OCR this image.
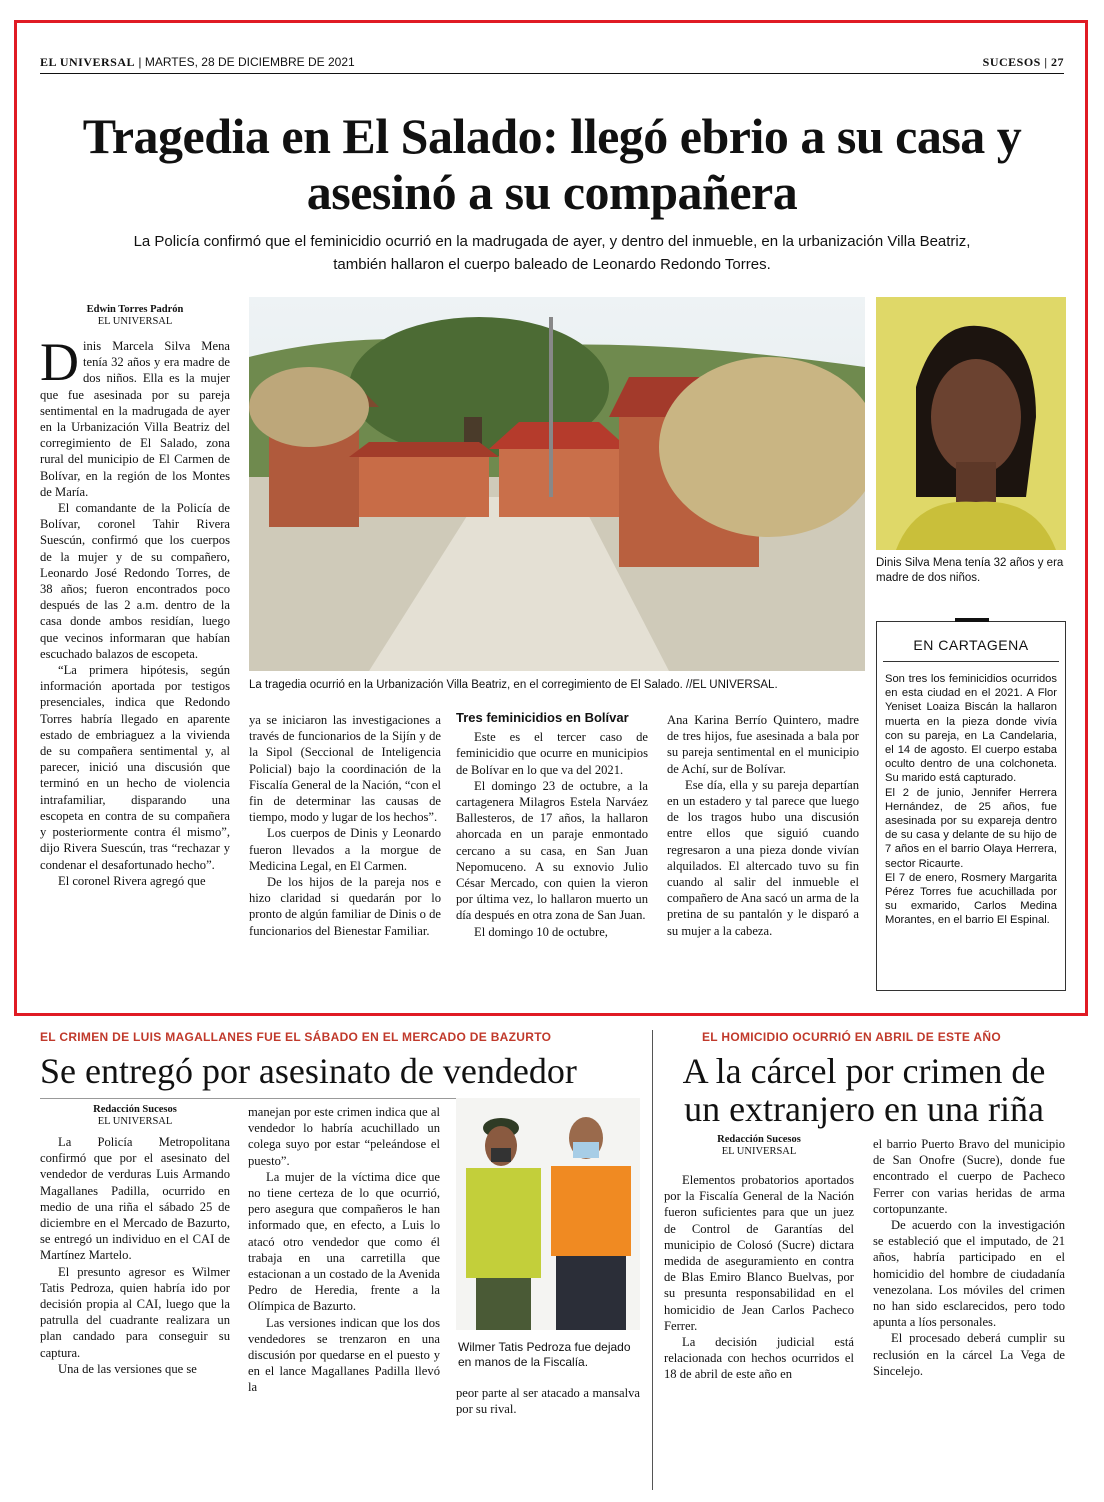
EL UNIVERSAL | MARTES, 28 DE DICIEMBRE DE 2021	SUCESOS | 27
Tragedia en El Salado: llegó ebrio a su casa y asesinó a su compañera
La Policía confirmó que el feminicidio ocurrió en la madrugada de ayer, y dentro del inmueble, en la urbanización Villa Beatriz, también hallaron el cuerpo baleado de Leonardo Redondo Torres.
Edwin Torres Padrón
EL UNIVERSAL

Dinis Marcela Silva Mena tenía 32 años y era madre de dos niños. Ella es la mujer que fue asesinada por su pareja sentimental en la madrugada de ayer en la Urbanización Villa Beatriz del corregimiento de El Salado, zona rural del municipio de El Carmen de Bolívar, en la región de los Montes de María.

El comandante de la Policía de Bolívar, coronel Tahir Rivera Suescún, confirmó que los cuerpos de la mujer y de su compañero, Leonardo José Redondo Torres, de 38 años; fueron encontrados poco después de las 2 a.m. dentro de la casa donde ambos residían, luego que vecinos informaran que habían escuchado balazos de escopeta.

“La primera hipótesis, según información aportada por testigos presenciales, indica que Redondo Torres habría llegado en aparente estado de embriaguez a la vivienda de su compañera sentimental y, al parecer, inició una discusión que terminó en un hecho de violencia intrafamiliar, disparando una escopeta en contra de su compañera y posteriormente contra él mismo”, dijo Rivera Suescún, tras “rechazar y condenar el desafortunado hecho”.

El coronel Rivera agregó que

La tragedia ocurrió en la Urbanización Villa Beatriz, en el corregimiento de El Salado. //EL UNIVERSAL.
Dinis Silva Mena tenía 32 años y era madre de dos niños.

ya se iniciaron las investigaciones a través de funcionarios de la Sijín y de la Sipol (Seccional de Inteligencia Policial) bajo la coordinación de la Fiscalía General de la Nación, “con el fin de determinar las causas de tiempo, modo y lugar de los hechos”.

Los cuerpos de Dinis y Leonardo fueron llevados a la morgue de Medicina Legal, en El Carmen.

De los hijos de la pareja nos e hizo claridad si quedarán por lo pronto de algún familiar de Dinis o de funcionarios del Bienestar Familiar.

Tres feminicidios en Bolívar

Este es el tercer caso de feminicidio que ocurre en municipios de Bolívar en lo que va del 2021.

El domingo 23 de octubre, a la cartagenera Milagros Estela Narváez Ballesteros, de 17 años, la hallaron ahorcada en un paraje enmontado cercano a su casa, en San Juan Nepomuceno. A su exnovio Julio César Mercado, con quien la vieron por última vez, lo hallaron muerto un día después en otra zona de San Juan.

El domingo 10 de octubre,

Ana Karina Berrío Quintero, madre de tres hijos, fue asesinada a bala por su pareja sentimental en el municipio de Achí, sur de Bolívar.

Ese día, ella y su pareja departían en un estadero y tal parece que luego de los tragos hubo una discusión entre ellos que siguió cuando regresaron a una pieza donde vivían alquilados. El altercado tuvo su fin cuando al salir del inmueble el compañero de Ana sacó un arma de la pretina de su pantalón y le disparó a su mujer a la cabeza.

EN CARTAGENA

Son tres los feminicidios ocurridos en esta ciudad en el 2021. A Flor Yeniset Loaiza Biscán la hallaron muerta en la pieza donde vivía con su pareja, en La Candelaria, el 14 de agosto. El cuerpo estaba oculto dentro de una colchoneta. Su marido está capturado.

El 2 de junio, Jennifer Herrera Hernández, de 25 años, fue asesinada por su expareja dentro de su casa y delante de su hijo de 7 años en el barrio Olaya Herrera, sector Ricaurte.

El 7 de enero, Rosmery Margarita Pérez Torres fue acuchillada por su exmarido, Carlos Medina Morantes, en el barrio El Espinal.

EL CRIMEN DE LUIS MAGALLANES FUE EL SÁBADO EN EL MERCADO DE BAZURTO
Se entregó por asesinato de vendedor
Redacción Sucesos
EL UNIVERSAL

La Policía Metropolitana confirmó que por el asesinato del vendedor de verduras Luis Armando Magallanes Padilla, ocurrido en medio de una riña el sábado 25 de diciembre en el Mercado de Bazurto, se entregó un individuo en el CAI de Martínez Martelo.

El presunto agresor es Wilmer Tatis Pedroza, quien habría ido por decisión propia al CAI, luego que la patrulla del cuadrante realizara un plan candado para conseguir su captura.

Una de las versiones que se

manejan por este crimen indica que al vendedor lo habría acuchillado un colega suyo por estar “peleándose el puesto”.

La mujer de la víctima dice que no tiene certeza de lo que ocurrió, pero asegura que compañeros le han informado que, en efecto, a Luis lo atacó otro vendedor que como él trabaja en una carretilla que estacionan a un costado de la Avenida Pedro de Heredia, frente a la Olímpica de Bazurto.

Las versiones indican que los dos vendedores se trenzaron en una discusión por quedarse en el puesto y en el lance Magallanes Padilla llevó la

Wilmer Tatis Pedroza fue dejado en manos de la Fiscalía.

peor parte al ser atacado a mansalva por su rival.

EL HOMICIDIO OCURRIÓ EN ABRIL DE ESTE AÑO
A la cárcel por crimen de un extranjero en una riña
Redacción Sucesos
EL UNIVERSAL

Elementos probatorios aportados por la Fiscalía General de la Nación fueron suficientes para que un juez de Control de Garantías del municipio de Colosó (Sucre) dictara medida de aseguramiento en contra de Blas Emiro Blanco Buelvas, por su presunta responsabilidad en el homicidio de Jean Carlos Pacheco Ferrer.

La decisión judicial está relacionada con hechos ocurridos el 18 de abril de este año en

el barrio Puerto Bravo del municipio de San Onofre (Sucre), donde fue encontrado el cuerpo de Pacheco Ferrer con varias heridas de arma cortopunzante.

De acuerdo con la investigación se estableció que el imputado, de 21 años, habría participado en el homicidio del hombre de ciudadanía venezolana. Los móviles del crimen no han sido esclarecidos, pero todo apunta a líos personales.

El procesado deberá cumplir su reclusión en la cárcel La Vega de Sincelejo.
